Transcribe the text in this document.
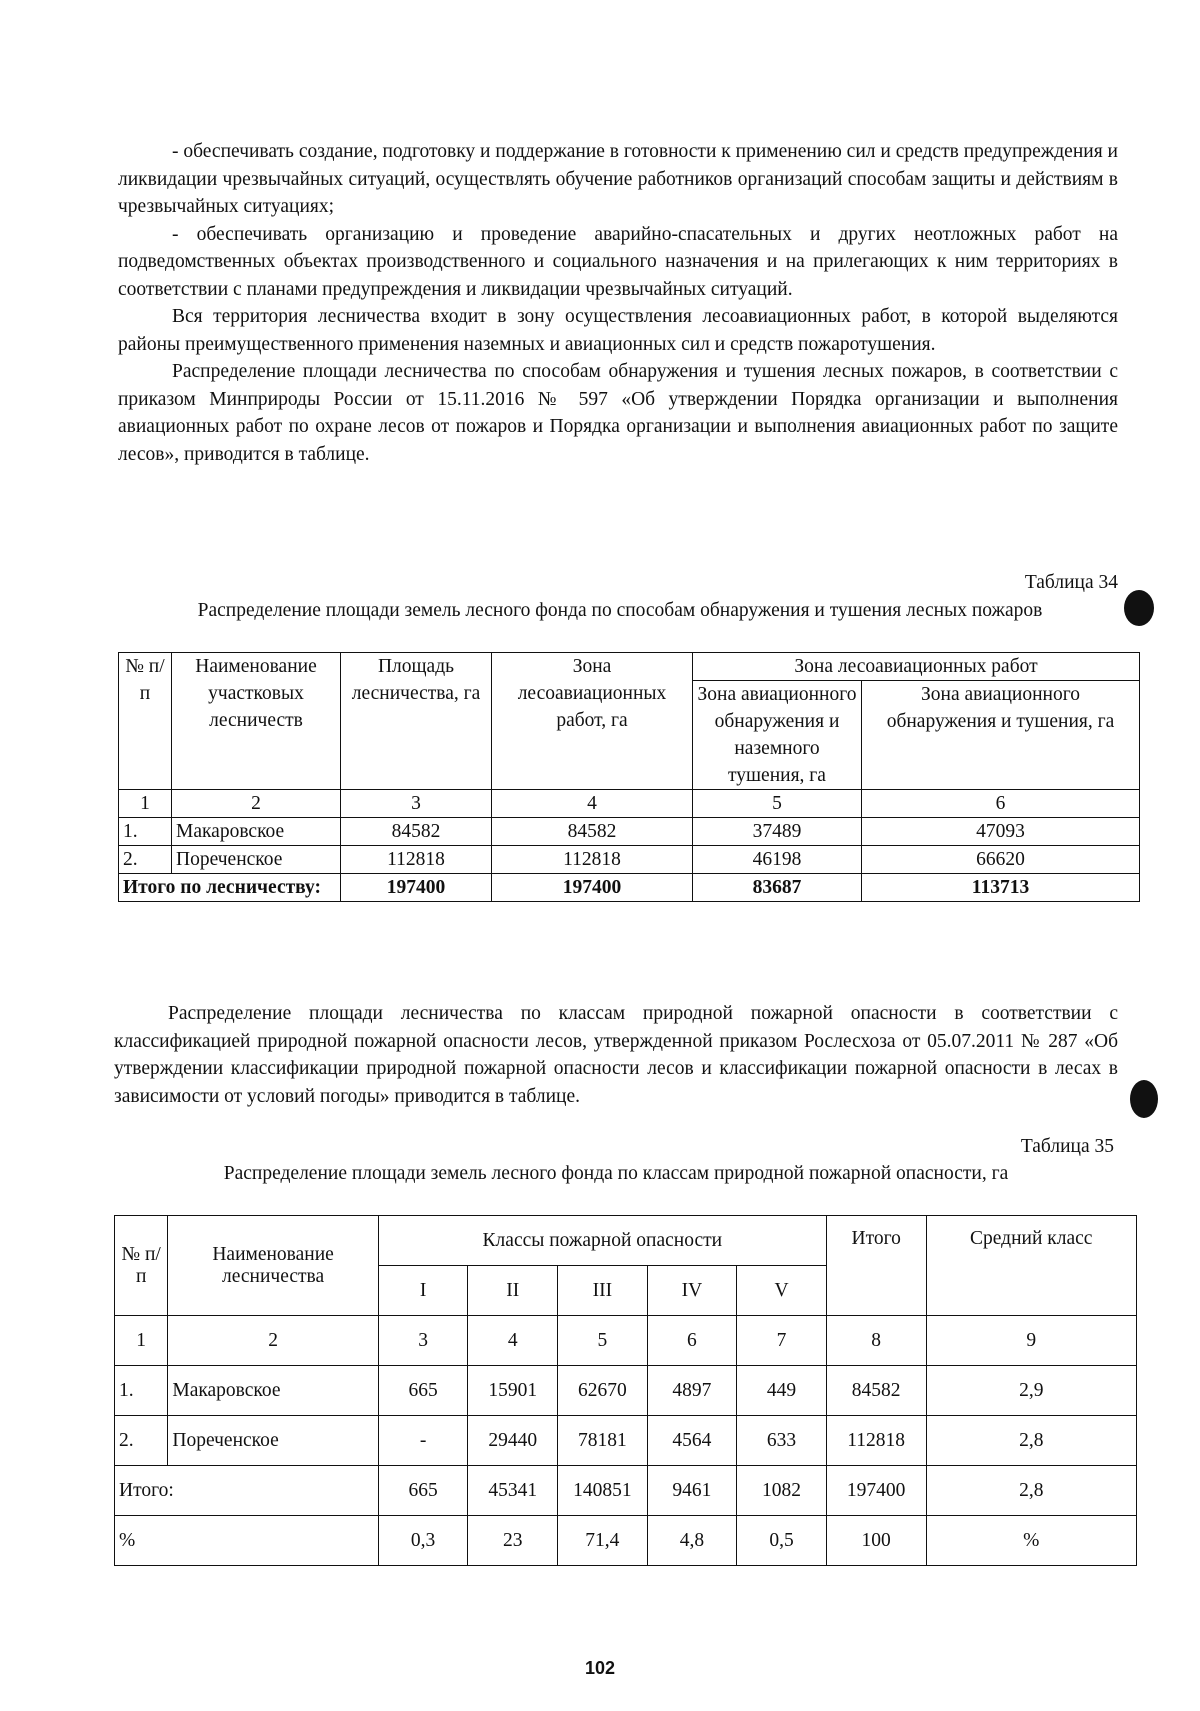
- обеспечивать создание, подготовку и поддержание в готовности к применению сил и средств предупреждения и ликвидации чрезвычайных ситуаций, осуществлять обучение работников организаций способам защиты и действиям в чрезвычайных ситуациях;

- обеспечивать организацию и проведение аварийно-спасательных и других неотложных работ на подведомственных объектах производственного и социального назначения и на прилегающих к ним территориях в соответствии с планами предупреждения и ликвидации чрезвычайных ситуаций.

Вся территория лесничества входит в зону осуществления лесоавиационных работ, в которой выделяются районы преимущественного применения наземных и авиационных сил и средств пожаротушения.

Распределение площади лесничества по способам обнаружения и тушения лесных пожаров, в соответствии с приказом Минприроды России от 15.11.2016 № 597 «Об утверждении Порядка организации и выполнения авиационных работ по охране лесов от пожаров и Порядка организации и выполнения авиационных работ по защите лесов», приводится в таблице.

Таблица 34
Распределение площади земель лесного фонда по способам обнаружения и тушения лесных пожаров
№ п/п	Наименование участковых лесничеств	Площадь лесничества, га	Зона лесоавиационных работ, га	Зона лесоавиационных работ	
				Зона авиационного обнаружения и наземного тушения, га	Зона авиационного обнаружения и тушения, га
1	2	3	4	5	6
1.	Макаровское	84582	84582	37489	47093
2.	Пореченское	112818	112818	46198	66620
Итого по лесничеству:		197400	197400	83687	113713

Распределение площади лесничества по классам природной пожарной опасности в соответствии с классификацией природной пожарной опасности лесов, утвержденной приказом Рослесхоза от 05.07.2011 № 287 «Об утверждении классификации природной пожарной опасности лесов и классификации пожарной опасности в лесах в зависимости от условий погоды» приводится в таблице.

Таблица 35
Распределение площади земель лесного фонда по классам природной пожарной опасности, га
№ п/п	Наименование лесничества	Классы пожарной опасности					Итого	Средний класс
		I	II	III	IV	V		
1	2	3	4	5	6	7	8	9
1.	Макаровское	665	15901	62670	4897	449	84582	2,9
2.	Пореченское	-	29440	78181	4564	633	112818	2,8
Итого:		665	45341	140851	9461	1082	197400	2,8
%		0,3	23	71,4	4,8	0,5	100	%
102
